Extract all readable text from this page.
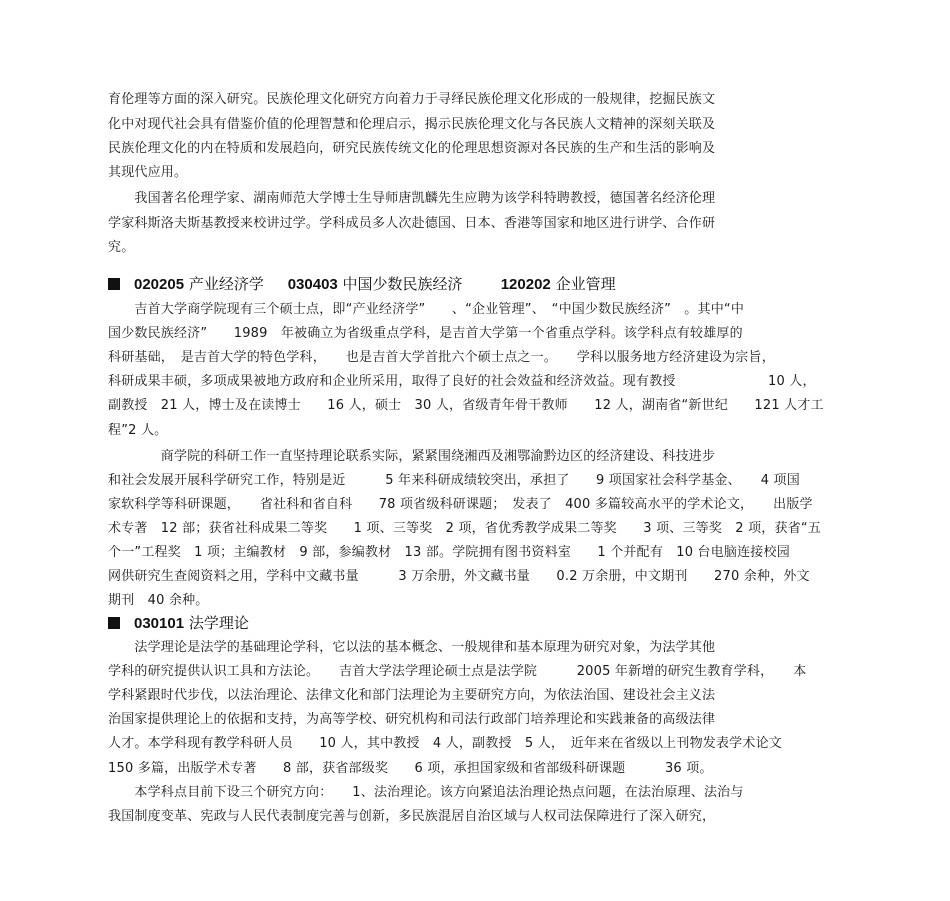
育伦理等方面的深入研究。民族伦理文化研究方向着力于寻绎民族伦理文化形成的一般规律，挖掘民族文
化中对现代社会具有借鉴价值的伦理智慧和伦理启示，揭示民族伦理文化与各民族人文精神的深刻关联及
民族伦理文化的内在特质和发展趋向，研究民族传统文化的伦理思想资源对各民族的生产和生活的影响及
其现代应用。
　　我国著名伦理学家、湖南师范大学博士生导师唐凯麟先生应聘为该学科特聘教授，德国著名经济伦理
学家科斯洛夫斯基教授来校讲过学。学科成员多人次赴德国、日本、香港等国家和地区进行讲学、合作研
究。
020205 产业经济学 030403 中国少数民族经济	120202 企业管理
　　吉首大学商学院现有三个硕士点，即“产业经济学”　　、“企业管理”、　“中国少数民族经济”　。其中“中
国少数民族经济”　　1989　年被确立为省级重点学科，是吉首大学第一个省重点学科。该学科点有较雄厚的
科研基础，　是吉首大学的特色学科，　　也是吉首大学首批六个硕士点之一。　　学科以服务地方经济建设为宗旨，
科研成果丰硕，多项成果被地方政府和企业所采用，取得了良好的社会效益和经济效益。现有教授　　　　　　　10 人，
副教授　21 人，博士及在读博士　　16 人，硕士　30 人，省级青年骨干教师　　12 人，湖南省“新世纪　　121 人才工
程”2 人。
　　　　商学院的科研工作一直坚持理论联系实际，紧紧围绕湘西及湘鄂渝黔边区的经济建设、科技进步
和社会发展开展科学研究工作，特别是近　　　5 年来科研成绩较突出，承担了　　9 项国家社会科学基金、　　4 项国
家软科学等科研课题，　　省社科和省自科　　78 项省级科研课题；　发表了　400 多篇较高水平的学术论文，　　出版学
术专著　12 部；获省社科成果二等奖　　1 项、三等奖　2 项，省优秀教学成果二等奖　　3 项、三等奖　2 项，获省“五
个一”工程奖　1 项；主编教材　9 部，参编教材　13 部。学院拥有图书资料室　　1 个并配有　10 台电脑连接校园
网供研究生查阅资料之用，学科中文藏书量　　　3 万余册，外文藏书量　　0.2 万余册，中文期刊　　270 余种，外文
期刊　40 余种。
030101 法学理论
　　法学理论是法学的基础理论学科，它以法的基本概念、一般规律和基本原理为研究对象，为法学其他
学科的研究提供认识工具和方法论。　　吉首大学法学理论硕士点是法学院　　　2005 年新增的研究生教育学科，　　本
学科紧跟时代步伐，以法治理论、法律文化和部门法理论为主要研究方向，为依法治国、建设社会主义法
治国家提供理论上的依据和支持，为高等学校、研究机构和司法行政部门培养理论和实践兼备的高级法律
人才。本学科现有教学科研人员　　10 人，其中教授　4 人，副教授　5 人，　近年来在省级以上刊物发表学术论文
150 多篇，出版学术专著　　8 部，获省部级奖　　6 项，承担国家级和省部级科研课题　　　36 项。
　　本学科点目前下设三个研究方向：　　1、法治理论。该方向紧追法治理论热点问题，在法治原理、法治与
我国制度变革、宪政与人民代表制度完善与创新，多民族混居自治区域与人权司法保障进行了深入研究，
